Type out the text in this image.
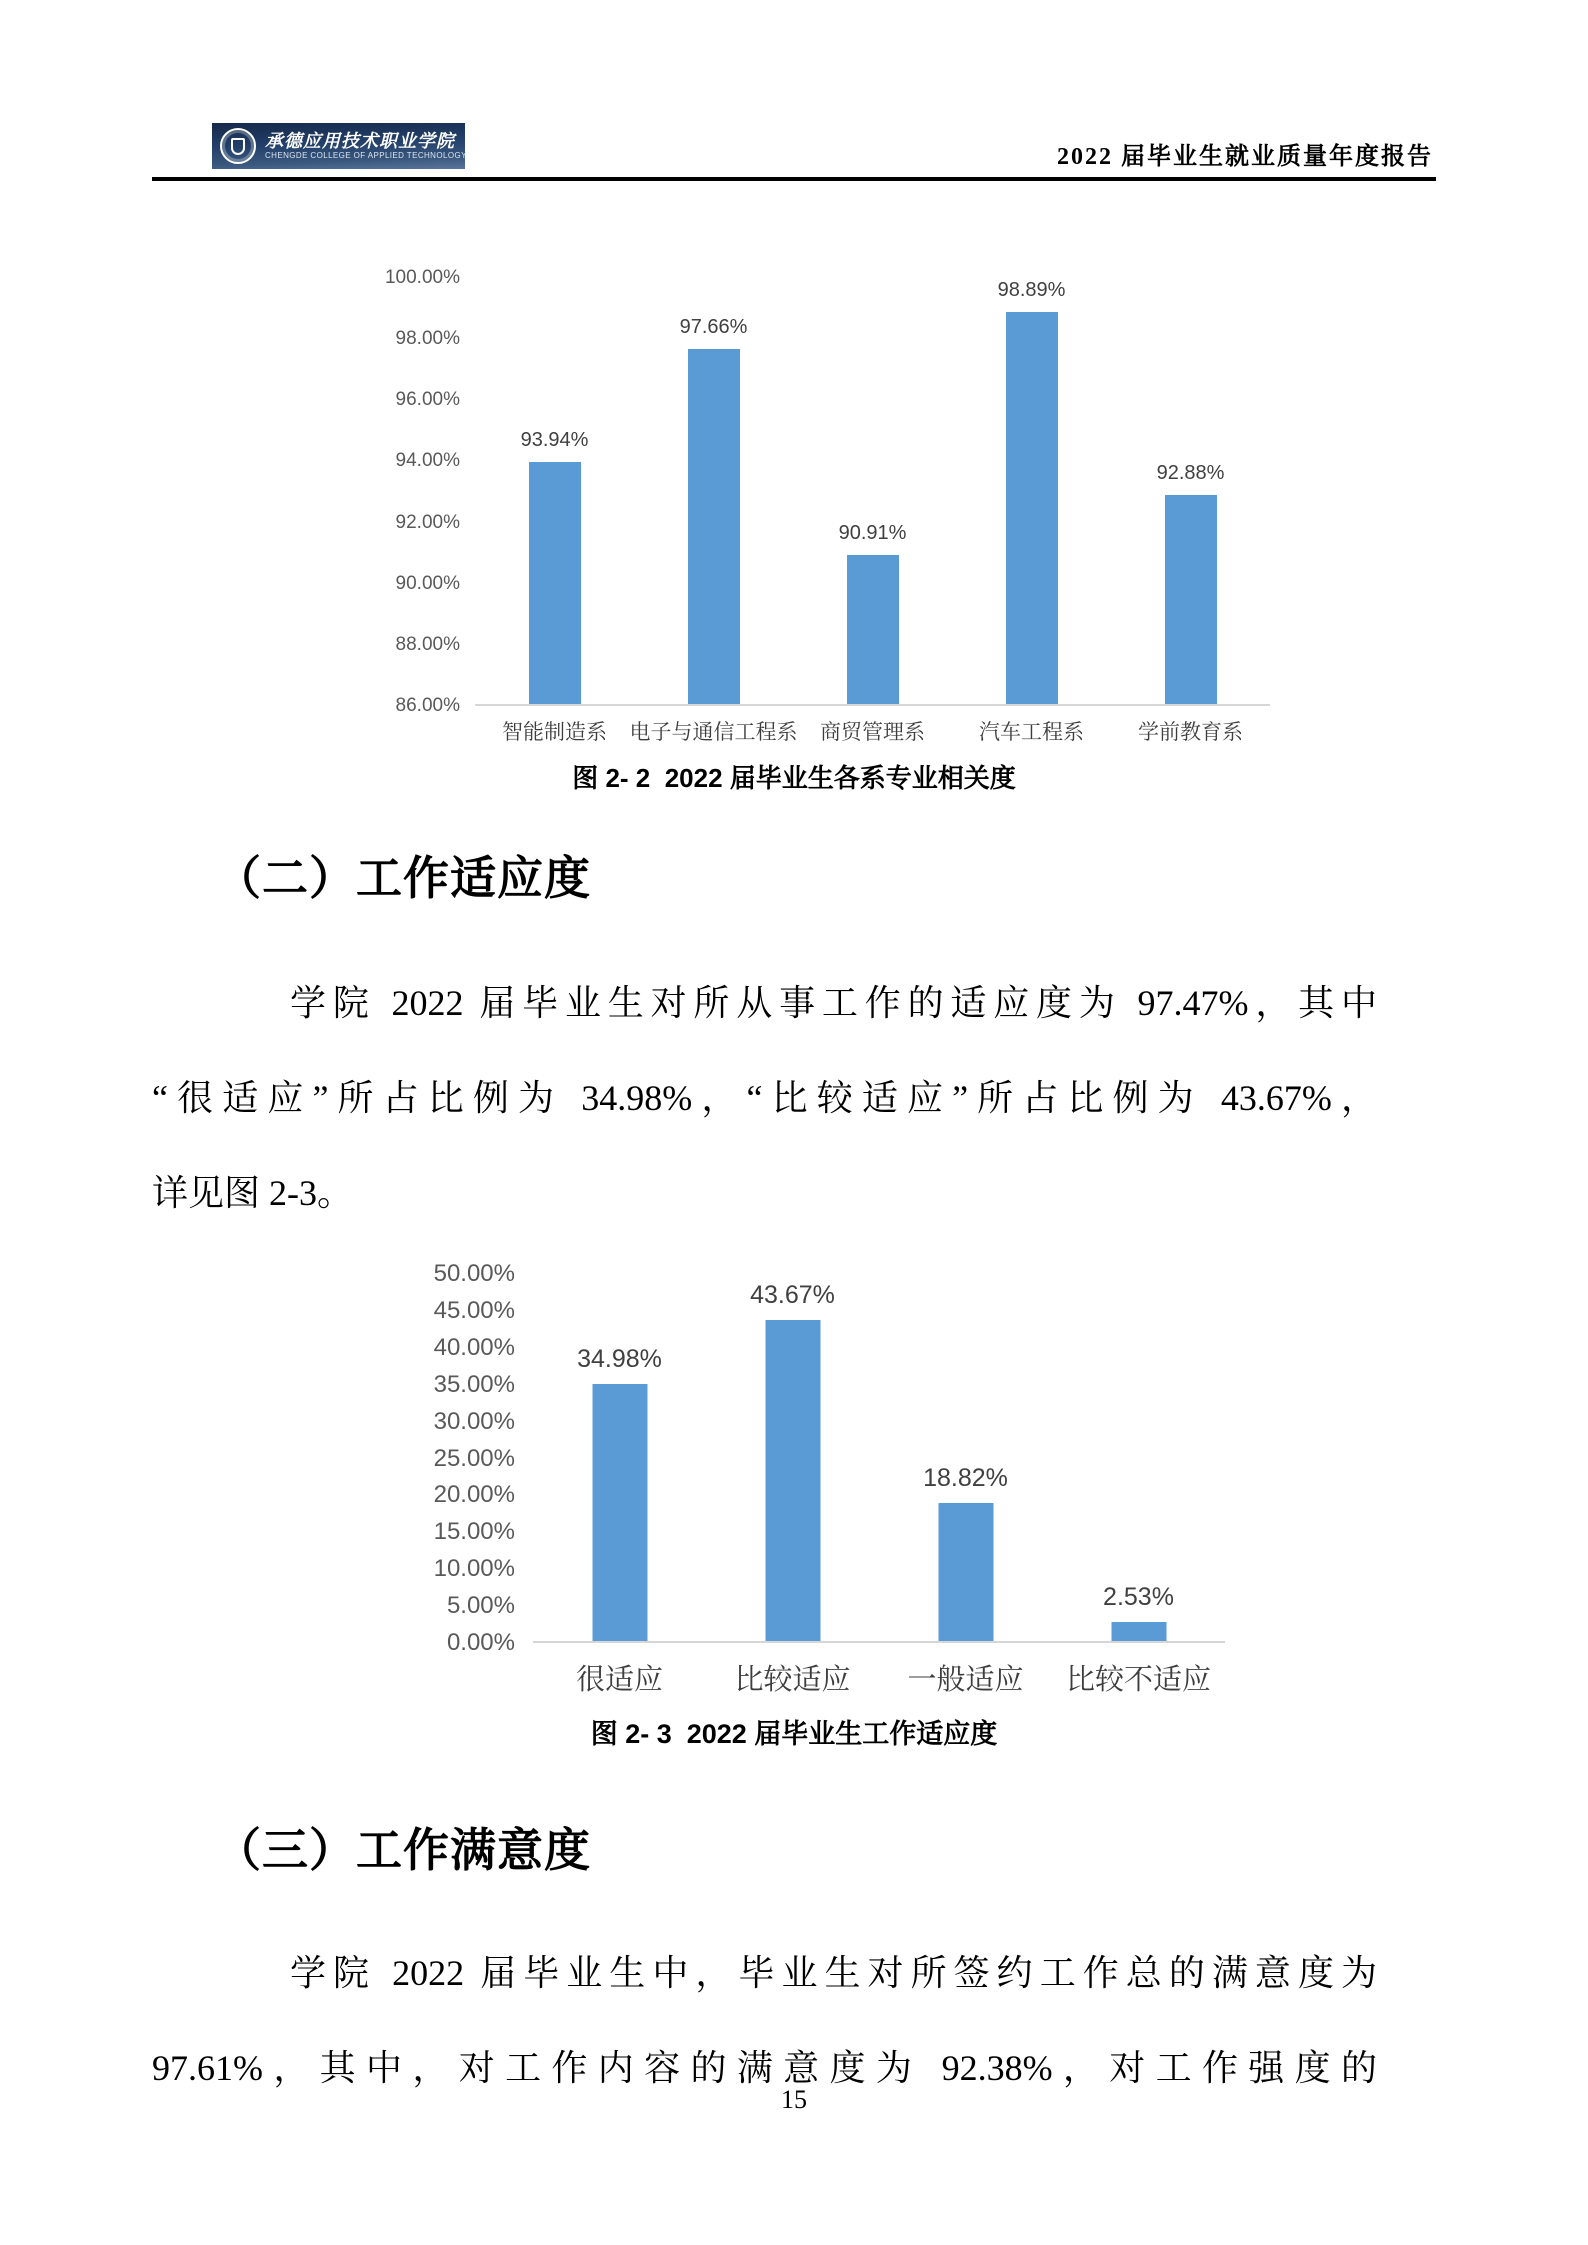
承德应用技术职业学院
CHENGDE COLLEGE OF APPLIED TECHNOLOGY	2022 届毕业生就业质量年度报告
100.00%
98.00%
96.00%
94.00%
92.00%
90.00%
88.00%
86.00%
93.94%
智能制造系
97.66%
电子与通信工程系
90.91%
商贸管理系
98.89%
汽车工程系
92.88%
学前教育系
图 2- 2  2022 届毕业生各系专业相关度
（二）工作适应度
学院 2022 届毕业生对所从事工作的适应度为 97.47%，其中
“很适应”所占比例为 34.98%，“比较适应”所占比例为 43.67%，
详见图 2-3。
50.00%
45.00%
40.00%
35.00%
30.00%
25.00%
20.00%
15.00%
10.00%
5.00%
0.00%
34.98%
很适应
43.67%
比较适应
18.82%
一般适应
2.53%
比较不适应
图 2- 3  2022 届毕业生工作适应度
（三）工作满意度
学院 2022 届毕业生中，毕业生对所签约工作总的满意度为
97.61%，其中，对工作内容的满意度为 92.38%，对工作强度的
15
